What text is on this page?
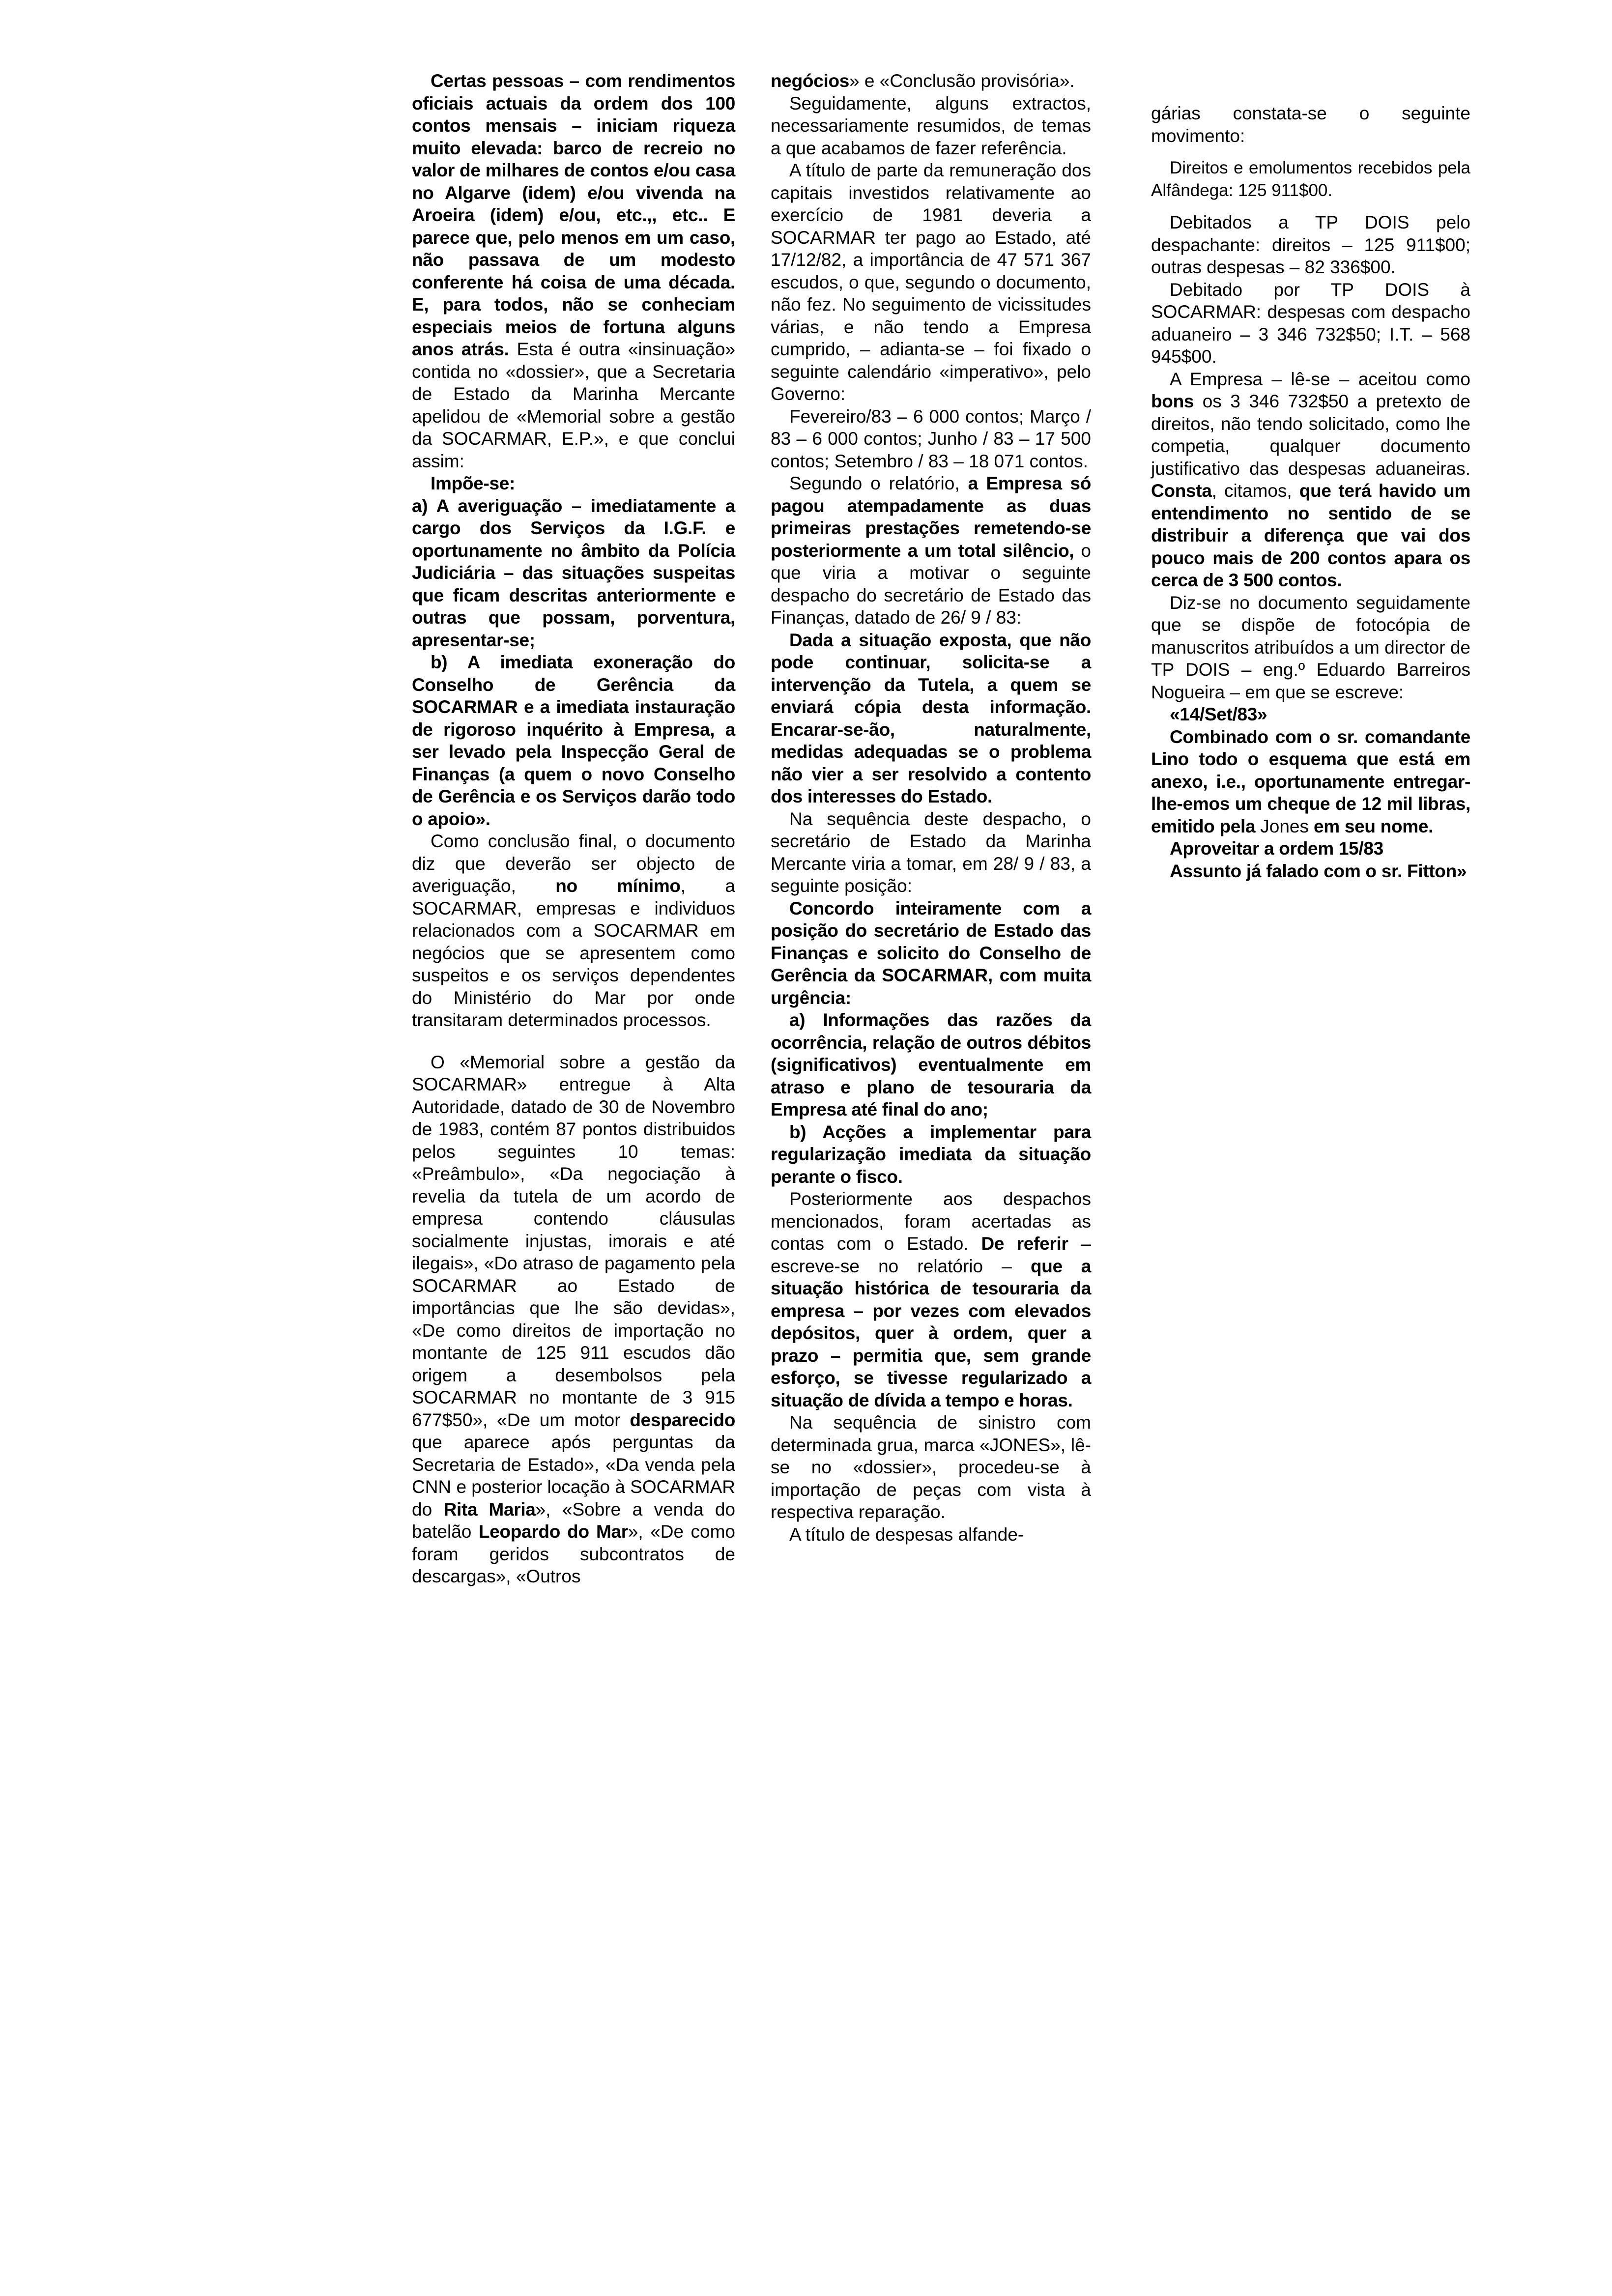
Certas pessoas – com rendimentos oficiais actuais da ordem dos 100 contos mensais – iniciam riqueza muito elevada: barco de recreio no valor de milhares de contos e/ou casa no Algarve (idem) e/ou vivenda na Aroeira (idem) e/ou, etc.,, etc.. E parece que, pelo menos em um caso, não passava de um modesto conferente há coisa de uma década. E, para todos, não se conheciam especiais meios de fortuna alguns anos atrás. Esta é outra «insinuação» contida no «dossier», que a Secretaria de Estado da Marinha Mercante apelidou de «Memorial sobre a gestão da SOCARMAR, E.P.», e que conclui assim:

Impõe-se:

a) A averiguação – imediatamente a cargo dos Serviços da I.G.F. e oportunamente no âmbito da Polícia Judiciária – das situações suspeitas que ficam descritas anteriormente e outras que possam, porventura, apresentar-se;

b) A imediata exoneração do Conselho de Gerência da SOCARMAR e a imediata instauração de rigoroso inquérito à Empresa, a ser levado pela Inspecção Geral de Finanças (a quem o novo Conselho de Gerência e os Serviços darão todo o apoio».

Como conclusão final, o documento diz que deverão ser objecto de averiguação, no mínimo, a SOCARMAR, empresas e individuos relacionados com a SOCARMAR em negócios que se apresentem como suspeitos e os serviços dependentes do Ministério do Mar por onde transitaram determinados processos.

O «Memorial sobre a gestão da SOCARMAR» entregue à Alta Autoridade, datado de 30 de Novembro de 1983, contém 87 pontos distribuidos pelos seguintes 10 temas: «Preâmbulo», «Da negociação à revelia da tutela de um acordo de empresa contendo cláusulas socialmente injustas, imorais e até ilegais», «Do atraso de pagamento pela SOCARMAR ao Estado de importâncias que lhe são devidas», «De como direitos de importação no montante de 125 911 escudos dão origem a desembolsos pela SOCARMAR no montante de 3 915 677$50», «De um motor desparecido que aparece após perguntas da Secretaria de Estado», «Da venda pela CNN e posterior locação à SOCARMAR do Rita Maria», «Sobre a venda do batelão Leopardo do Mar», «De como foram geridos subcontratos de descargas», «Outros

negócios» e «Conclusão provisória».

Seguidamente, alguns extractos, necessariamente resumidos, de temas a que acabamos de fazer referência.

A título de parte da remuneração dos capitais investidos relativamente ao exercício de 1981 deveria a SOCARMAR ter pago ao Estado, até 17/12/82, a importância de 47 571 367 escudos, o que, segundo o documento, não fez. No seguimento de vicissitudes várias, e não tendo a Empresa cumprido, – adianta-se – foi fixado o seguinte calendário «imperativo», pelo Governo:

Fevereiro/83 – 6 000 contos; Março / 83 – 6 000 contos; Junho / 83 – 17 500 contos; Setembro / 83 – 18 071 contos.

Segundo o relatório, a Empresa só pagou atempadamente as duas primeiras prestações remetendo-se posteriormente a um total silêncio, o que viria a motivar o seguinte despacho do secretário de Estado das Finanças, datado de 26/ 9 / 83:

Dada a situação exposta, que não pode continuar, solicita-se a intervenção da Tutela, a quem se enviará cópia desta informação. Encarar-se-ão, naturalmente, medidas adequadas se o problema não vier a ser resolvido a contento dos interesses do Estado.

Na sequência deste despacho, o secretário de Estado da Marinha Mercante viria a tomar, em 28/ 9 / 83, a seguinte posição:

Concordo inteiramente com a posição do secretário de Estado das Finanças e solicito do Conselho de Gerência da SOCARMAR, com muita urgência:

a) Informações das razões da ocorrência, relação de outros débitos (significativos) eventualmente em atraso e plano de tesouraria da Empresa até final do ano;

b) Acções a implementar para regularização imediata da situação perante o fisco.

Posteriormente aos despachos mencionados, foram acertadas as contas com o Estado. De referir – escreve-se no relatório – que a situação histórica de tesouraria da empresa – por vezes com elevados depósitos, quer à ordem, quer a prazo – permitia que, sem grande esforço, se tivesse regularizado a situação de dívida a tempo e horas.

Na sequência de sinistro com determinada grua, marca «JONES», lê-se no «dossier», procedeu-se à importação de peças com vista à respectiva reparação.

A título de despesas alfande-

gárias constata-se o seguinte movimento:

Direitos e emolumentos recebidos pela Alfândega: 125 911$00.

Debitados a TP DOIS pelo despachante: direitos – 125 911$00; outras despesas – 82 336$00.

Debitado por TP DOIS à SOCARMAR: despesas com despacho aduaneiro – 3 346 732$50; I.T. – 568 945$00.

A Empresa – lê-se – aceitou como bons os 3 346 732$50 a pretexto de direitos, não tendo solicitado, como lhe competia, qualquer documento justificativo das despesas aduaneiras. Consta, citamos, que terá havido um entendimento no sentido de se distribuir a diferença que vai dos pouco mais de 200 contos apara os cerca de 3 500 contos.

Diz-se no documento seguidamente que se dispõe de fotocópia de manuscritos atribuídos a um director de TP DOIS – eng.º Eduardo Barreiros Nogueira – em que se escreve:

«14/Set/83»

Combinado com o sr. comandante Lino todo o esquema que está em anexo, i.e., oportunamente entregar-lhe-emos um cheque de 12 mil libras, emitido pela Jones em seu nome.

Aproveitar a ordem 15/83

Assunto já falado com o sr. Fitton»
